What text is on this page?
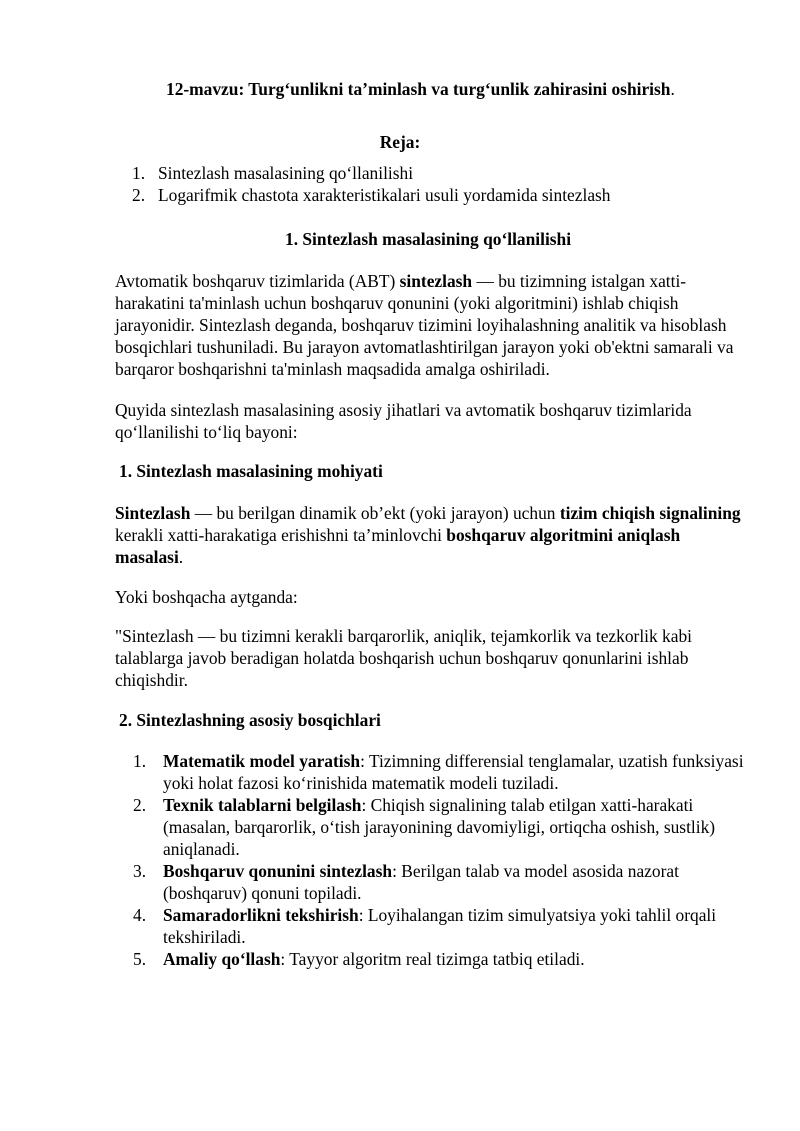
12-mavzu: Turg‘unlikni ta’minlash va turg‘unlik zahirasini oshirish.
Reja:
1. Sintezlash masalasining qo‘llanilishi
2. Logarifmik chastota xarakteristikalari usuli yordamida sintezlash
1. Sintezlash masalasining qo‘llanilishi

Avtomatik boshqaruv tizimlarida (ABT) sintezlash — bu tizimning istalgan xatti-harakatini ta'minlash uchun boshqaruv qonunini (yoki algoritmini) ishlab chiqish jarayonidir. Sintezlash deganda, boshqaruv tizimini loyihalashning analitik va hisoblash bosqichlari tushuniladi. Bu jarayon avtomatlashtirilgan jarayon yoki ob'ektni samarali va barqaror boshqarishni ta'minlash maqsadida amalga oshiriladi.

Quyida sintezlash masalasining asosiy jihatlari va avtomatik boshqaruv tizimlarida qo‘llanilishi to‘liq bayoni:

1. Sintezlash masalasining mohiyati

Sintezlash — bu berilgan dinamik ob’ekt (yoki jarayon) uchun tizim chiqish signalining kerakli xatti-harakatiga erishishni ta’minlovchi boshqaruv algoritmini aniqlash masalasi.

Yoki boshqacha aytganda:

"Sintezlash — bu tizimni kerakli barqarorlik, aniqlik, tejamkorlik va tezkorlik kabi talablarga javob beradigan holatda boshqarish uchun boshqaruv qonunlarini ishlab chiqishdir.

2. Sintezlashning asosiy bosqichlari
1. Matematik model yaratish: Tizimning differensial tenglamalar, uzatish funksiyasi yoki holat fazosi ko‘rinishida matematik modeli tuziladi.
2. Texnik talablarni belgilash: Chiqish signalining talab etilgan xatti-harakati (masalan, barqarorlik, o‘tish jarayonining davomiyligi, ortiqcha oshish, sustlik) aniqlanadi.
3. Boshqaruv qonunini sintezlash: Berilgan talab va model asosida nazorat (boshqaruv) qonuni topiladi.
4. Samaradorlikni tekshirish: Loyihalangan tizim simulyatsiya yoki tahlil orqali tekshiriladi.
5. Amaliy qo‘llash: Tayyor algoritm real tizimga tatbiq etiladi.
